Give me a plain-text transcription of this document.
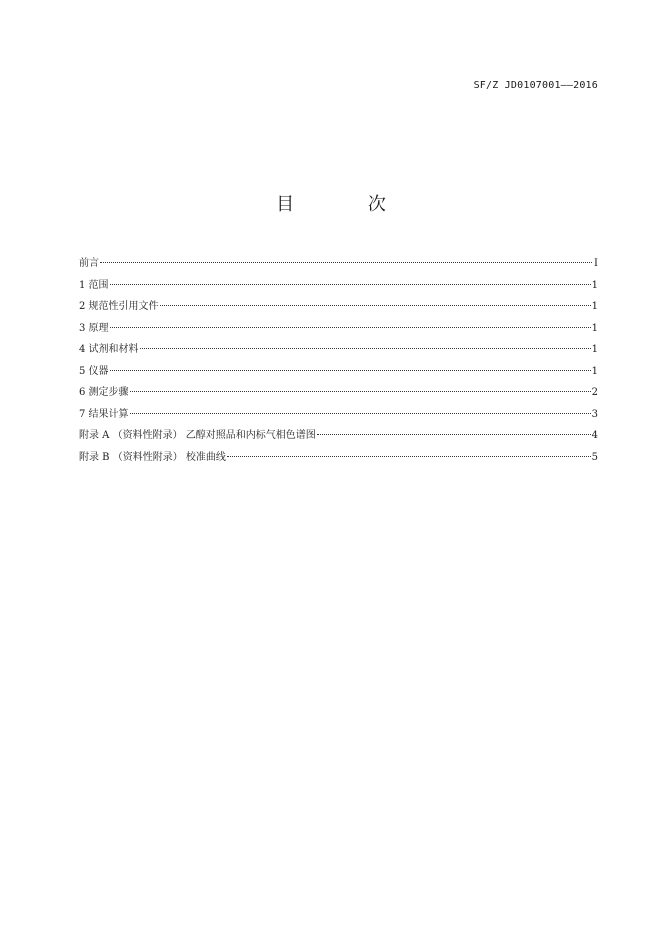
SF/Z JD0107001——2016
目 次
前言	I
1 范围	1
2 规范性引用文件	1
3 原理	1
4 试剂和材料	1
5 仪器	1
6 测定步骤	2
7 结果计算	3
附录 A （资料性附录） 乙醇对照品和内标气相色谱图	4
附录 B （资料性附录） 校准曲线	5
